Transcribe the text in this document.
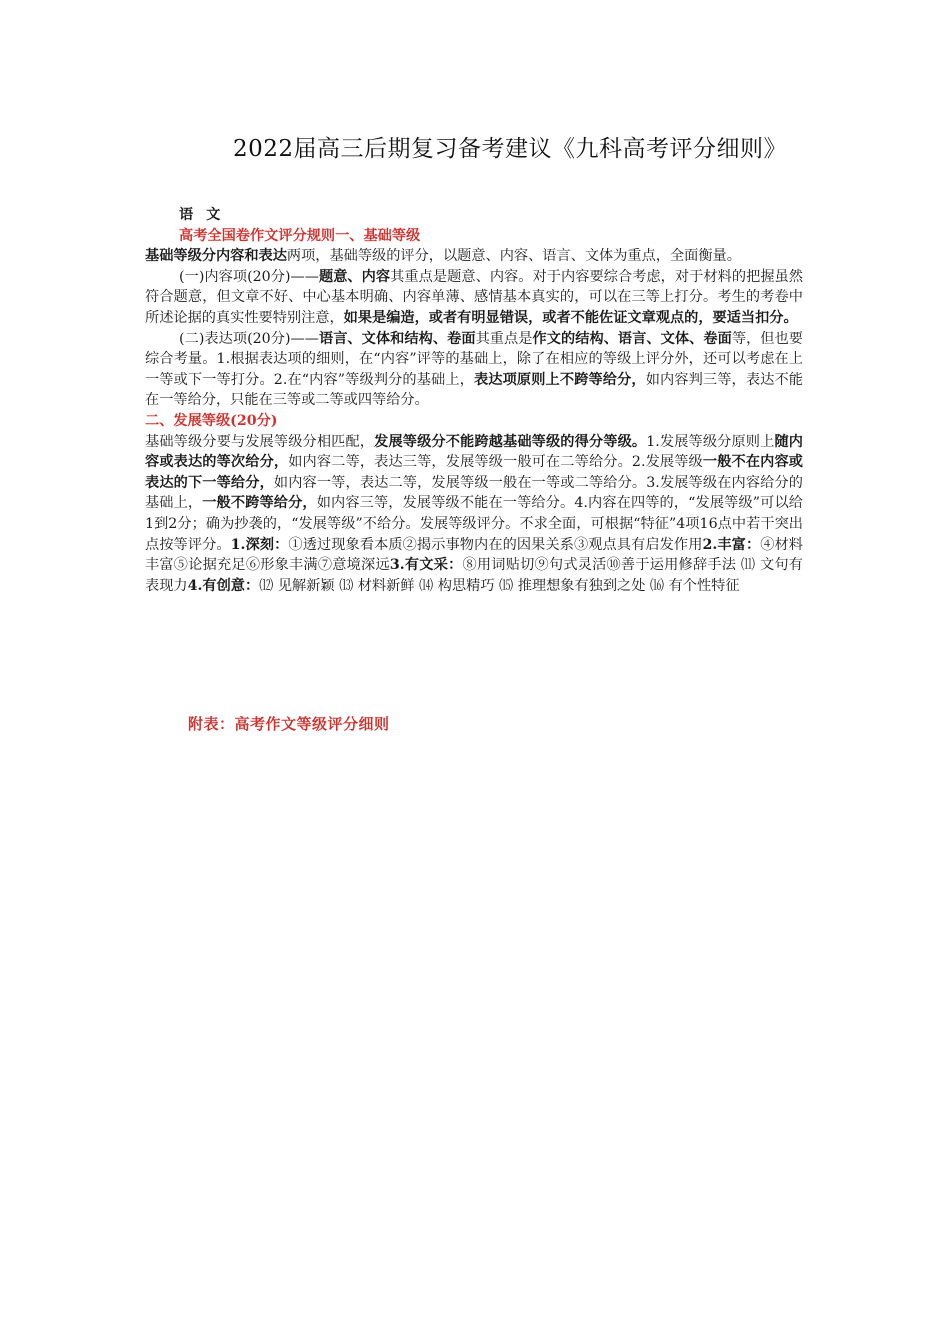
2022届高三后期复习备考建议《九科高考评分细则》

语 文

高考全国卷作文评分规则一、基础等级

基础等级分内容和表达两项，基础等级的评分，以题意、内容、语言、文体为重点，全面衡量。

(一)内容项(20分)——题意、内容其重点是题意、内容。对于内容要综合考虑，对于材料的把握虽然符合题意，但文章不好、中心基本明确、内容单薄、感情基本真实的，可以在三等上打分。考生的考卷中所述论据的真实性要特别注意，如果是编造，或者有明显错误，或者不能佐证文章观点的，要适当扣分。

(二)表达项(20分)——语言、文体和结构、卷面其重点是作文的结构、语言、文体、卷面等，但也要综合考量。1.根据表达项的细则，在“内容”评等的基础上，除了在相应的等级上评分外，还可以考虑在上一等或下一等打分。2.在“内容”等级判分的基础上，表达项原则上不跨等给分，如内容判三等，表达不能在一等给分，只能在三等或二等或四等给分。

二、发展等级(20分)

基础等级分要与发展等级分相匹配，发展等级分不能跨越基础等级的得分等级。1.发展等级分原则上随内容或表达的等次给分，如内容二等，表达三等，发展等级一般可在二等给分。2.发展等级一般不在内容或表达的下一等给分，如内容一等，表达二等，发展等级一般在一等或二等给分。3.发展等级在内容给分的基础上，一般不跨等给分，如内容三等，发展等级不能在一等给分。4.内容在四等的，“发展等级”可以给1到2分；确为抄袭的，“发展等级”不给分。发展等级评分。不求全面，可根据“特征”4项16点中若干突出点按等评分。1.深刻：①透过现象看本质②揭示事物内在的因果关系③观点具有启发作用2.丰富：④材料丰富⑤论据充足⑥形象丰满⑦意境深远3.有文采：⑧用词贴切⑨句式灵活⑩善于运用修辞手法 ⑾ 文句有表现力4.有创意：⑿ 见解新颖 ⒀ 材料新鲜 ⒁ 构思精巧 ⒂ 推理想象有独到之处 ⒃ 有个性特征

附表：高考作文等级评分细则
